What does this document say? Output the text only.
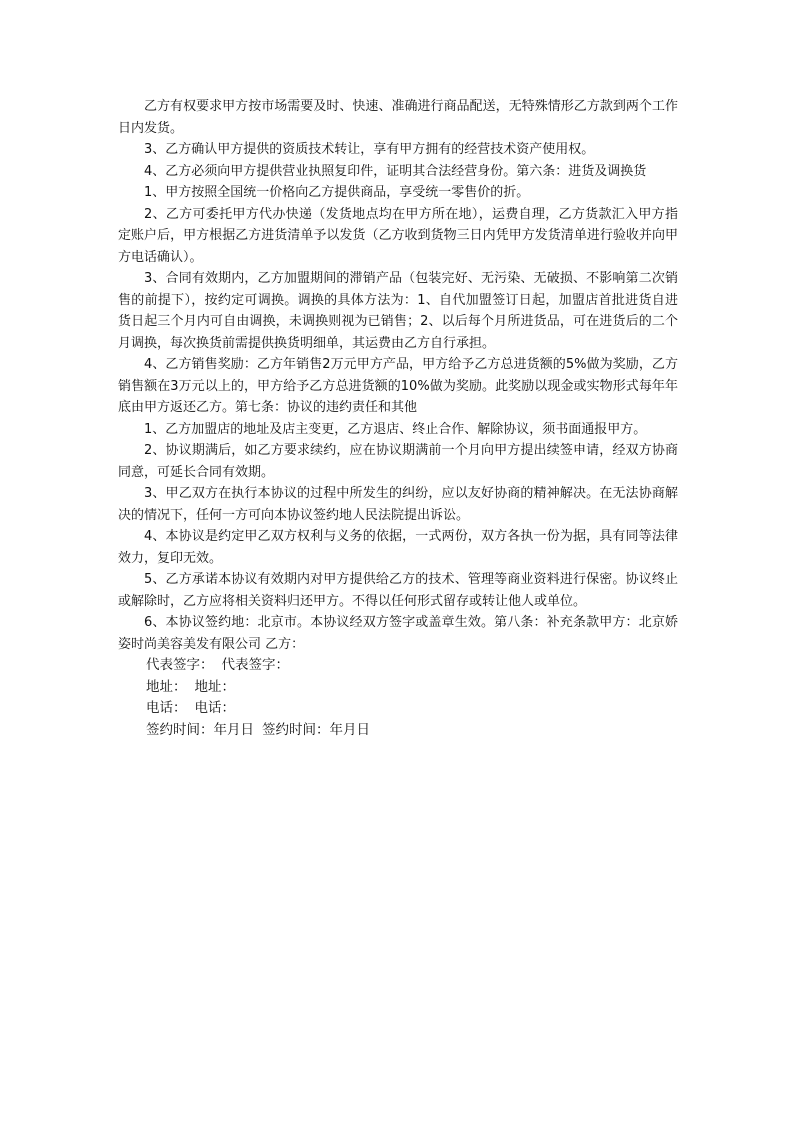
乙方有权要求甲方按市场需要及时、快速、准确进行商品配送，无特殊情形乙方款到两个工作日内发货。

3、乙方确认甲方提供的资质技术转让，享有甲方拥有的经营技术资产使用权。

4、乙方必须向甲方提供营业执照复印件，证明其合法经营身份。第六条：进货及调换货

1、甲方按照全国统一价格向乙方提供商品，享受统一零售价的折。

2、乙方可委托甲方代办快递（发货地点均在甲方所在地），运费自理，乙方货款汇入甲方指定账户后，甲方根据乙方进货清单予以发货（乙方收到货物三日内凭甲方发货清单进行验收并向甲方电话确认）。

3、合同有效期内，乙方加盟期间的滞销产品（包装完好、无污染、无破损、不影响第二次销售的前提下），按约定可调换。调换的具体方法为：1、自代加盟签订日起，加盟店首批进货自进货日起三个月内可自由调换，未调换则视为已销售；2、以后每个月所进货品，可在进货后的二个月调换，每次换货前需提供换货明细单，其运费由乙方自行承担。

4、乙方销售奖励：乙方年销售2万元甲方产品，甲方给予乙方总进货额的5%做为奖励，乙方销售额在3万元以上的，甲方给予乙方总进货额的10%做为奖励。此奖励以现金或实物形式每年年底由甲方返还乙方。第七条：协议的违约责任和其他

1、乙方加盟店的地址及店主变更，乙方退店、终止合作、解除协议，须书面通报甲方。

2、协议期满后，如乙方要求续约，应在协议期满前一个月向甲方提出续签申请，经双方协商同意，可延长合同有效期。

3、甲乙双方在执行本协议的过程中所发生的纠纷，应以友好协商的精神解决。在无法协商解决的情况下，任何一方可向本协议签约地人民法院提出诉讼。

4、本协议是约定甲乙双方权利与义务的依据，一式两份，双方各执一份为据，具有同等法律效力，复印无效。

5、乙方承诺本协议有效期内对甲方提供给乙方的技术、管理等商业资料进行保密。协议终止或解除时，乙方应将相关资料归还甲方。不得以任何形式留存或转让他人或单位。

6、本协议签约地：北京市。本协议经双方签字或盖章生效。第八条：补充条款甲方：北京娇姿时尚美容美发有限公司 乙方：

代表签字： 代表签字：
地址： 地址：
电话： 电话：
签约时间：年月日 签约时间：年月日
